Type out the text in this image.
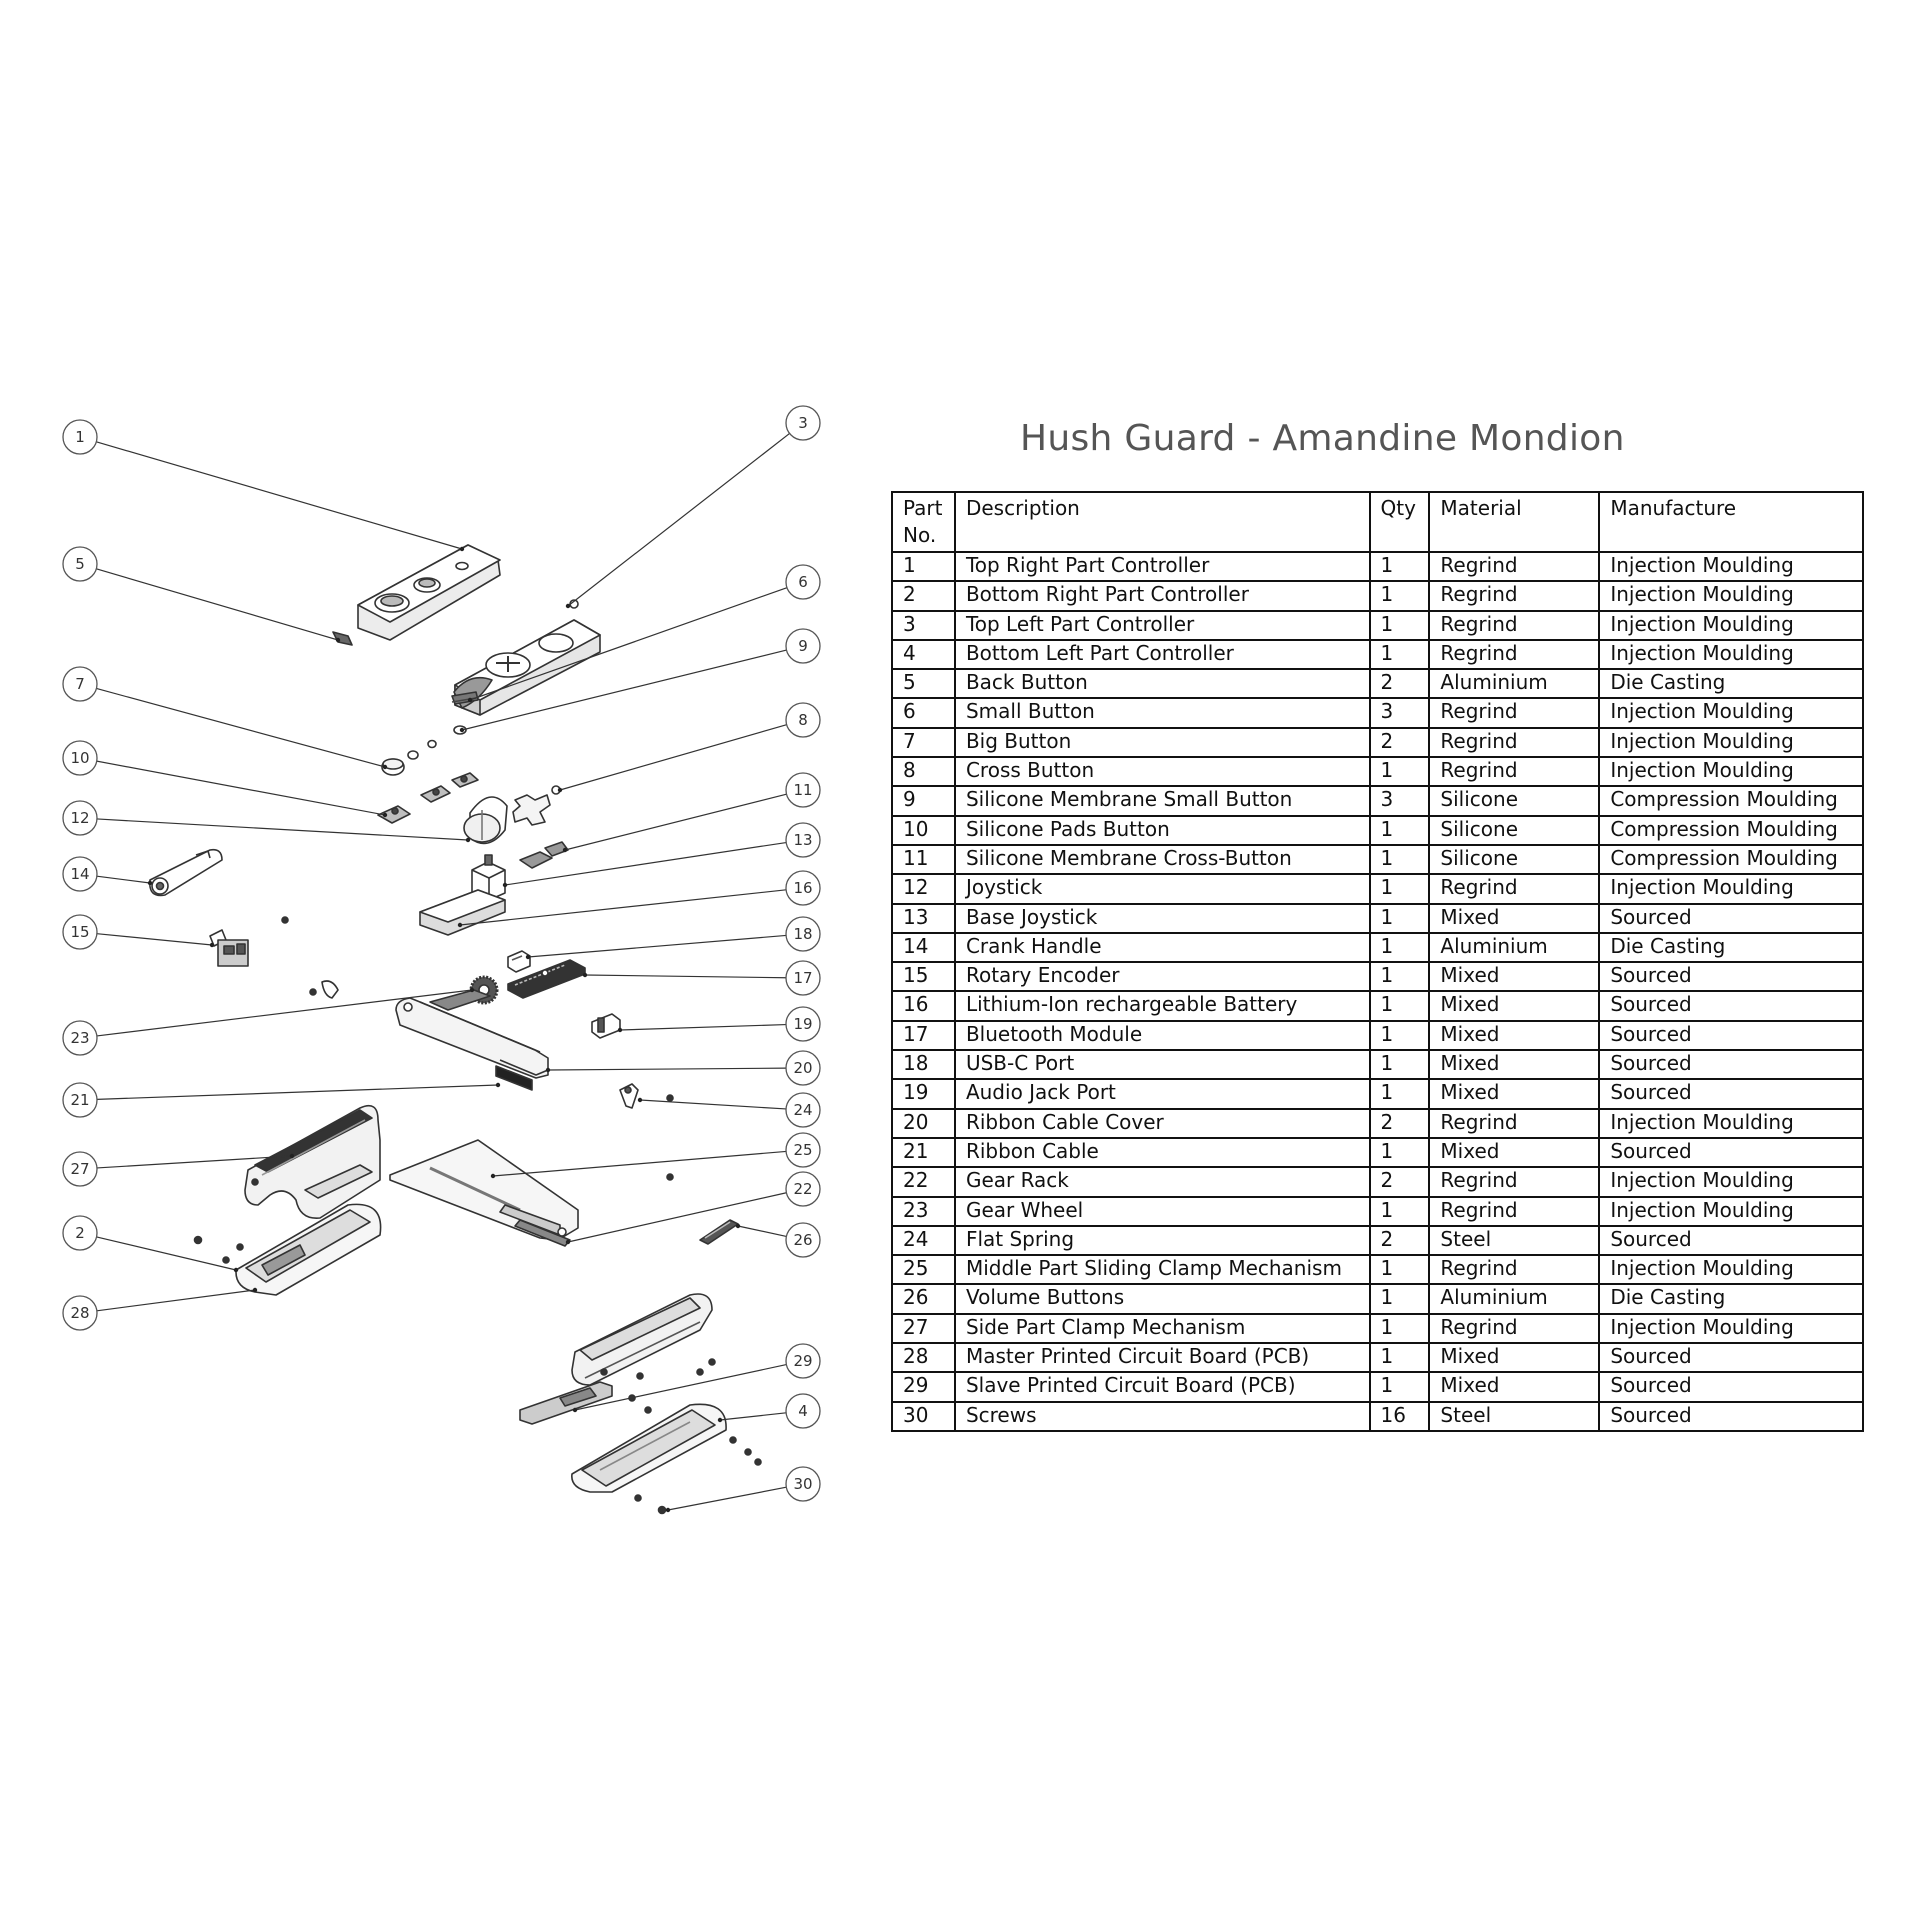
1
2
3
4
5
6
7
8
9
10
11
12
13
14
15
16
17
18
19
20
21
22
23
24
25
26
27
28
29
30
Hush Guard - Amandine Mondion
Part No.	Description	Qty	Material	Manufacture
1	Top Right Part Controller	1	Regrind	Injection Moulding
2	Bottom Right Part Controller	1	Regrind	Injection Moulding
3	Top Left Part Controller	1	Regrind	Injection Moulding
4	Bottom Left Part Controller	1	Regrind	Injection Moulding
5	Back Button	2	Aluminium	Die Casting
6	Small Button	3	Regrind	Injection Moulding
7	Big Button	2	Regrind	Injection Moulding
8	Cross Button	1	Regrind	Injection Moulding
9	Silicone Membrane Small Button	3	Silicone	Compression Moulding
10	Silicone Pads Button	1	Silicone	Compression Moulding
11	Silicone Membrane Cross-Button	1	Silicone	Compression Moulding
12	Joystick	1	Regrind	Injection Moulding
13	Base Joystick	1	Mixed	Sourced
14	Crank Handle	1	Aluminium	Die Casting
15	Rotary Encoder	1	Mixed	Sourced
16	Lithium-Ion rechargeable Battery	1	Mixed	Sourced
17	Bluetooth Module	1	Mixed	Sourced
18	USB-C Port	1	Mixed	Sourced
19	Audio Jack Port	1	Mixed	Sourced
20	Ribbon Cable Cover	2	Regrind	Injection Moulding
21	Ribbon Cable	1	Mixed	Sourced
22	Gear Rack	2	Regrind	Injection Moulding
23	Gear Wheel	1	Regrind	Injection Moulding
24	Flat Spring	2	Steel	Sourced
25	Middle Part Sliding Clamp Mechanism	1	Regrind	Injection Moulding
26	Volume Buttons	1	Aluminium	Die Casting
27	Side Part Clamp Mechanism	1	Regrind	Injection Moulding
28	Master Printed Circuit Board (PCB)	1	Mixed	Sourced
29	Slave Printed Circuit Board (PCB)	1	Mixed	Sourced
30	Screws	16	Steel	Sourced
